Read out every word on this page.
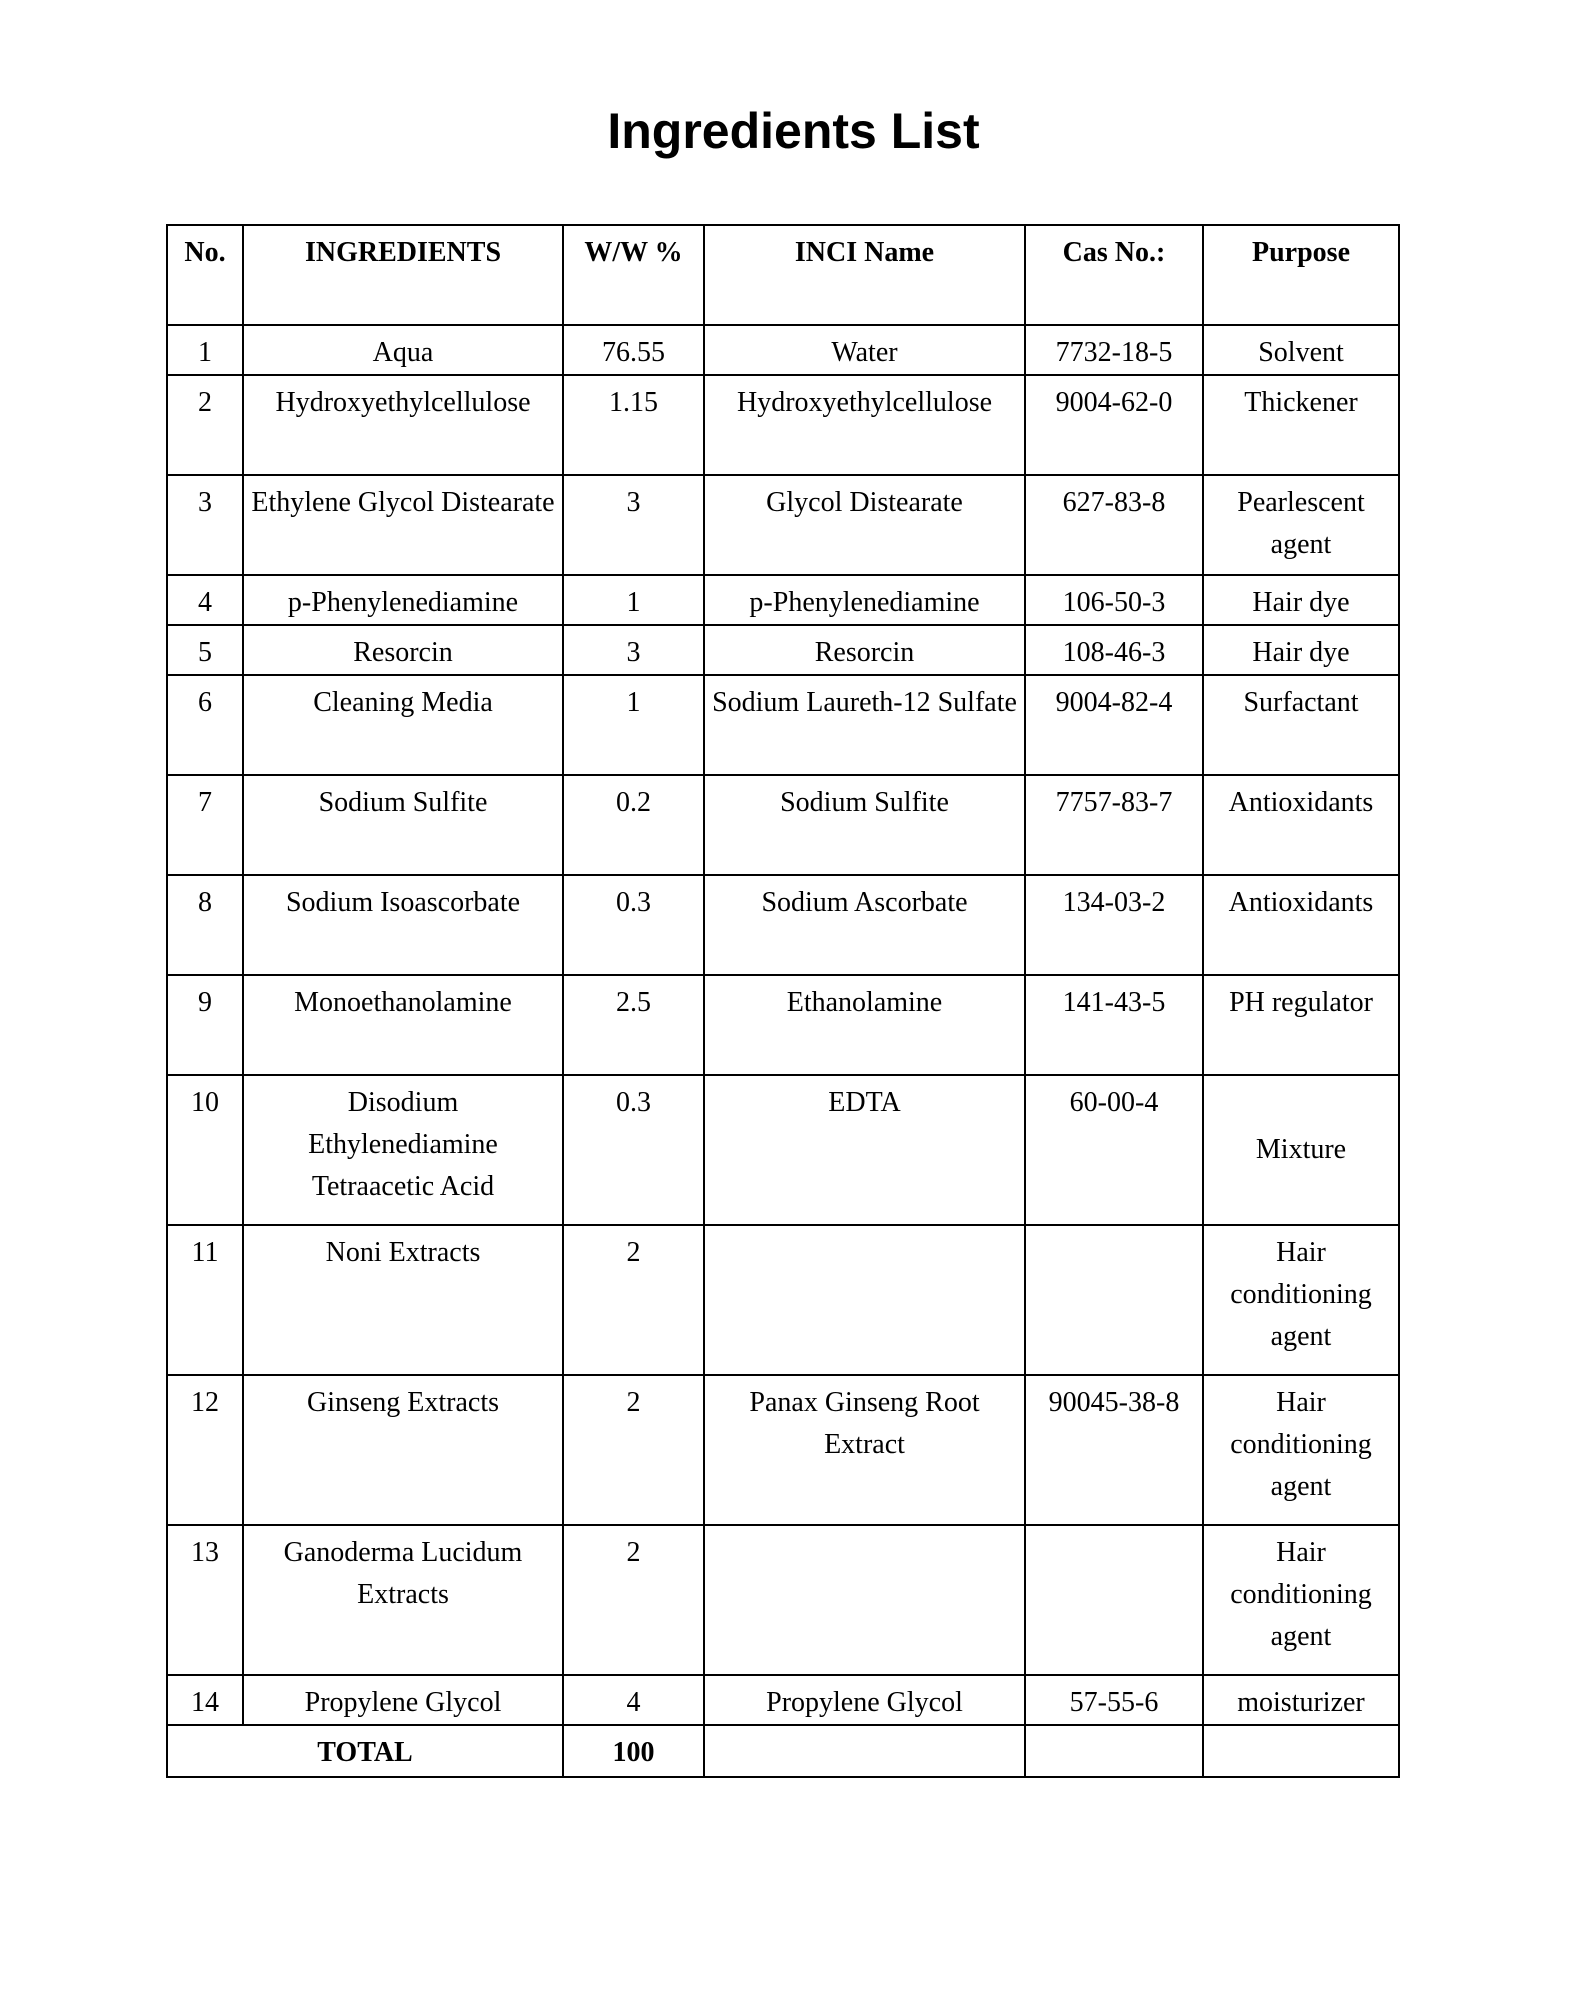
Ingredients List
No.	INGREDIENTS	W/W %	INCI Name	Cas No.:	Purpose
1	Aqua	76.55	Water	7732-18-5	Solvent
2	Hydroxyethylcellulose	1.15	Hydroxyethylcellulose	9004-62-0	Thickener
3	Ethylene Glycol Distearate	3	Glycol Distearate	627-83-8	Pearlescent agent
4	p-Phenylenediamine	1	p-Phenylenediamine	106-50-3	Hair dye
5	Resorcin	3	Resorcin	108-46-3	Hair dye
6	Cleaning Media	1	Sodium Laureth-12 Sulfate	9004-82-4	Surfactant
7	Sodium Sulfite	0.2	Sodium Sulfite	7757-83-7	Antioxidants
8	Sodium Isoascorbate	0.3	Sodium Ascorbate	134-03-2	Antioxidants
9	Monoethanolamine	2.5	Ethanolamine	141-43-5	PH regulator
10	Disodium Ethylenediamine Tetraacetic Acid	0.3	EDTA	60-00-4	Mixture
11	Noni Extracts	2			Hair conditioning agent
12	Ginseng Extracts	2	Panax Ginseng Root Extract	90045-38-8	Hair conditioning agent
13	Ganoderma Lucidum Extracts	2			Hair conditioning agent
14	Propylene Glycol	4	Propylene Glycol	57-55-6	moisturizer
TOTAL		100			
